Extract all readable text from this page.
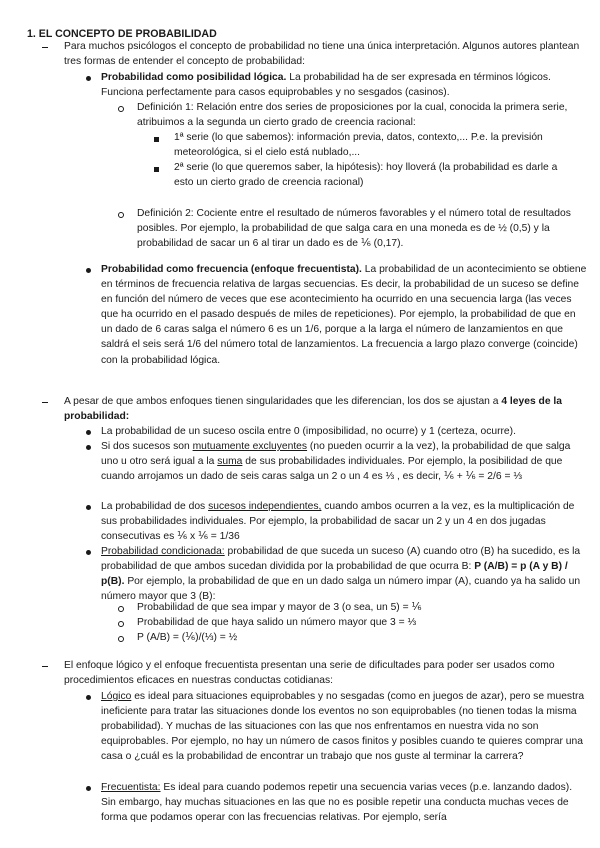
1. EL CONCEPTO DE PROBABILIDAD
Para muchos psicólogos el concepto de probabilidad no tiene una única interpretación. Algunos autores plantean tres formas de entender el concepto de probabilidad:
Probabilidad como posibilidad lógica. La probabilidad ha de ser expresada en términos lógicos. Funciona perfectamente para casos equiprobables y no sesgados (casinos).
Definición 1: Relación entre dos series de proposiciones por la cual, conocida la primera serie, atribuimos a la segunda un cierto grado de creencia racional:
1ª serie (lo que sabemos): información previa, datos, contexto,... P.e. la previsión meteorológica, si el cielo está nublado,...
2ª serie (lo que queremos saber, la hipótesis): hoy lloverá (la probabilidad es darle a esto un cierto grado de creencia racional)
Definición 2: Cociente entre el resultado de números favorables y el número total de resultados posibles. Por ejemplo, la probabilidad de que salga cara en una moneda es de ½ (0,5) y la probabilidad de sacar un 6 al tirar un dado es de ⅙ (0,17).
Probabilidad como frecuencia (enfoque frecuentista). La probabilidad de un acontecimiento se obtiene en términos de frecuencia relativa de largas secuencias. Es decir, la probabilidad de un suceso se define en función del número de veces que ese acontecimiento ha ocurrido en una secuencia larga (las veces que ha ocurrido en el pasado después de miles de repeticiones). Por ejemplo, la probabilidad de que en un dado de 6 caras salga el número 6 es un 1/6, porque a la larga el número de lanzamientos en que saldrá el seis será 1/6 del número total de lanzamientos. La frecuencia a largo plazo converge (coincide) con la probabilidad lógica.
A pesar de que ambos enfoques tienen singularidades que les diferencian, los dos se ajustan a 4 leyes de la probabilidad:
La probabilidad de un suceso oscila entre 0 (imposibilidad, no ocurre) y 1 (certeza, ocurre).
Si dos sucesos son mutuamente excluyentes (no pueden ocurrir a la vez), la probabilidad de que salga uno u otro será igual a la suma de sus probabilidades individuales. Por ejemplo, la posibilidad de que cuando arrojamos un dado de seis caras salga un 2 o un 4 es ⅓ , es decir, ⅙ + ⅙ = 2/6 = ⅓
La probabilidad de dos sucesos independientes, cuando ambos ocurren a la vez, es la multiplicación de sus probabilidades individuales. Por ejemplo, la probabilidad de sacar un 2 y un 4 en dos jugadas consecutivas es ⅙ x ⅙ = 1/36
Probabilidad condicionada: probabilidad de que suceda un suceso (A) cuando otro (B) ha sucedido, es la probabilidad de que ambos sucedan dividida por la probabilidad de que ocurra B: P (A/B) = p (A y B) / p(B). Por ejemplo, la probabilidad de que en un dado salga un número impar (A), cuando ya ha salido un número mayor que 3 (B):
Probabilidad de que sea impar y mayor de 3 (o sea, un 5) = ⅙
Probabilidad de que haya salido un número mayor que 3 = ⅓
P (A/B) = (⅙)/(⅓) = ½
El enfoque lógico y el enfoque frecuentista presentan una serie de dificultades para poder ser usados como procedimientos eficaces en nuestras conductas cotidianas:
Lógico es ideal para situaciones equiprobables y no sesgadas (como en juegos de azar), pero se muestra ineficiente para tratar las situaciones donde los eventos no son equiprobables (no tienen todas la misma probabilidad). Y muchas de las situaciones con las que nos enfrentamos en nuestra vida no son equiprobables. Por ejemplo, no hay un número de casos finitos y posibles cuando te quieres comprar una casa o ¿cuál es la probabilidad de encontrar un trabajo que nos guste al terminar la carrera?
Frecuentista: Es ideal para cuando podemos repetir una secuencia varias veces (p.e. lanzando dados). Sin embargo, hay muchas situaciones en las que no es posible repetir una conducta muchas veces de forma que podamos operar con las frecuencias relativas. Por ejemplo, sería
